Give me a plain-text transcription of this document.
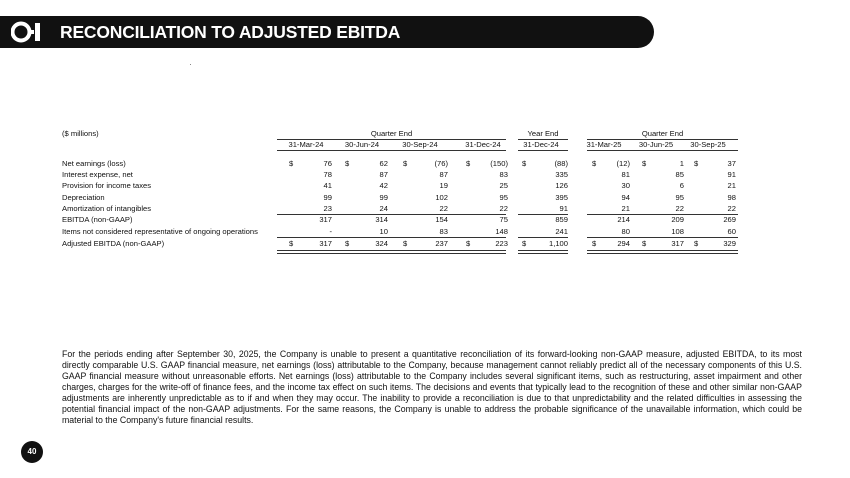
RECONCILIATION TO ADJUSTED EBITDA
($ millions)	Quarter End	Year End	Quarter End
31-Mar-24	30-Jun-24	30-Sep-24	31-Dec-24	31-Dec-24	31-Mar-25	30-Jun-25	30-Sep-25
Net earnings (loss)	$	76 $	62 $	(76) $	(150) $	(88)	$	(12) $	1 $	37
Interest expense, net	78	87	87	83	335	81	85	91
Provision for income taxes	41	42	19	25	126	30	6	21
Depreciation	99	99	102	95	395	94	95	98
Amortization of intangibles	23	24	22	22	91	21	22	22
EBITDA (non-GAAP)	317	314	154	75	859	214	209	269
Items not considered representative of ongoing operations	-	10	83	148	241	80	108	60
Adjusted EBITDA (non-GAAP)	$	317 $	324 $	237 $	223 $	1,100	$	294 $	317 $	329
For the periods ending after September 30, 2025, the Company is unable to present a quantitative reconciliation of its forward-looking non-GAAP measure, adjusted EBITDA, to its most directly comparable U.S. GAAP financial measure, net earnings (loss) attributable to the Company, because management cannot reliably predict all of the necessary components of this U.S. GAAP financial measure without unreasonable efforts. Net earnings (loss) attributable to the Company includes several significant items, such as restructuring, asset impairment and other charges, charges for the write-off of finance fees, and the income tax effect on such items. The decisions and events that typically lead to the recognition of these and other similar non-GAAP adjustments are inherently unpredictable as to if and when they may occur. The inability to provide a reconciliation is due to that unpredictability and the related difficulties in assessing the potential financial impact of the non-GAAP adjustments. For the same reasons, the Company is unable to address the probable significance of the unavailable information, which could be material to the Company's future financial results.
40
